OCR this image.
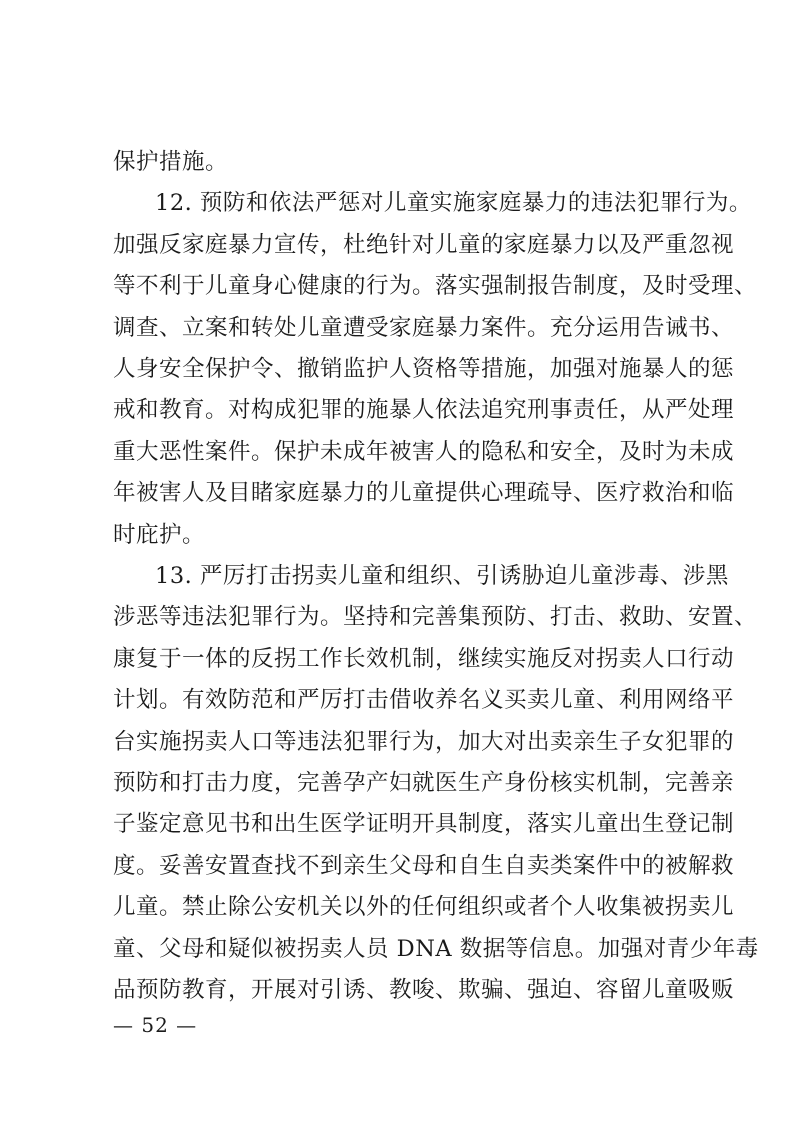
保护措施。
12. 预防和依法严惩对儿童实施家庭暴力的违法犯罪行为。
加强反家庭暴力宣传，杜绝针对儿童的家庭暴力以及严重忽视
等不利于儿童身心健康的行为。落实强制报告制度，及时受理、
调查、立案和转处儿童遭受家庭暴力案件。充分运用告诫书、
人身安全保护令、撤销监护人资格等措施，加强对施暴人的惩
戒和教育。对构成犯罪的施暴人依法追究刑事责任，从严处理
重大恶性案件。保护未成年被害人的隐私和安全，及时为未成
年被害人及目睹家庭暴力的儿童提供心理疏导、医疗救治和临
时庇护。
13. 严厉打击拐卖儿童和组织、引诱胁迫儿童涉毒、涉黑
涉恶等违法犯罪行为。坚持和完善集预防、打击、救助、安置、
康复于一体的反拐工作长效机制，继续实施反对拐卖人口行动
计划。有效防范和严厉打击借收养名义买卖儿童、利用网络平
台实施拐卖人口等违法犯罪行为，加大对出卖亲生子女犯罪的
预防和打击力度，完善孕产妇就医生产身份核实机制，完善亲
子鉴定意见书和出生医学证明开具制度，落实儿童出生登记制
度。妥善安置查找不到亲生父母和自生自卖类案件中的被解救
儿童。禁止除公安机关以外的任何组织或者个人收集被拐卖儿
童、父母和疑似被拐卖人员 DNA 数据等信息。加强对青少年毒
品预防教育，开展对引诱、教唆、欺骗、强迫、容留儿童吸贩
— 52 —
